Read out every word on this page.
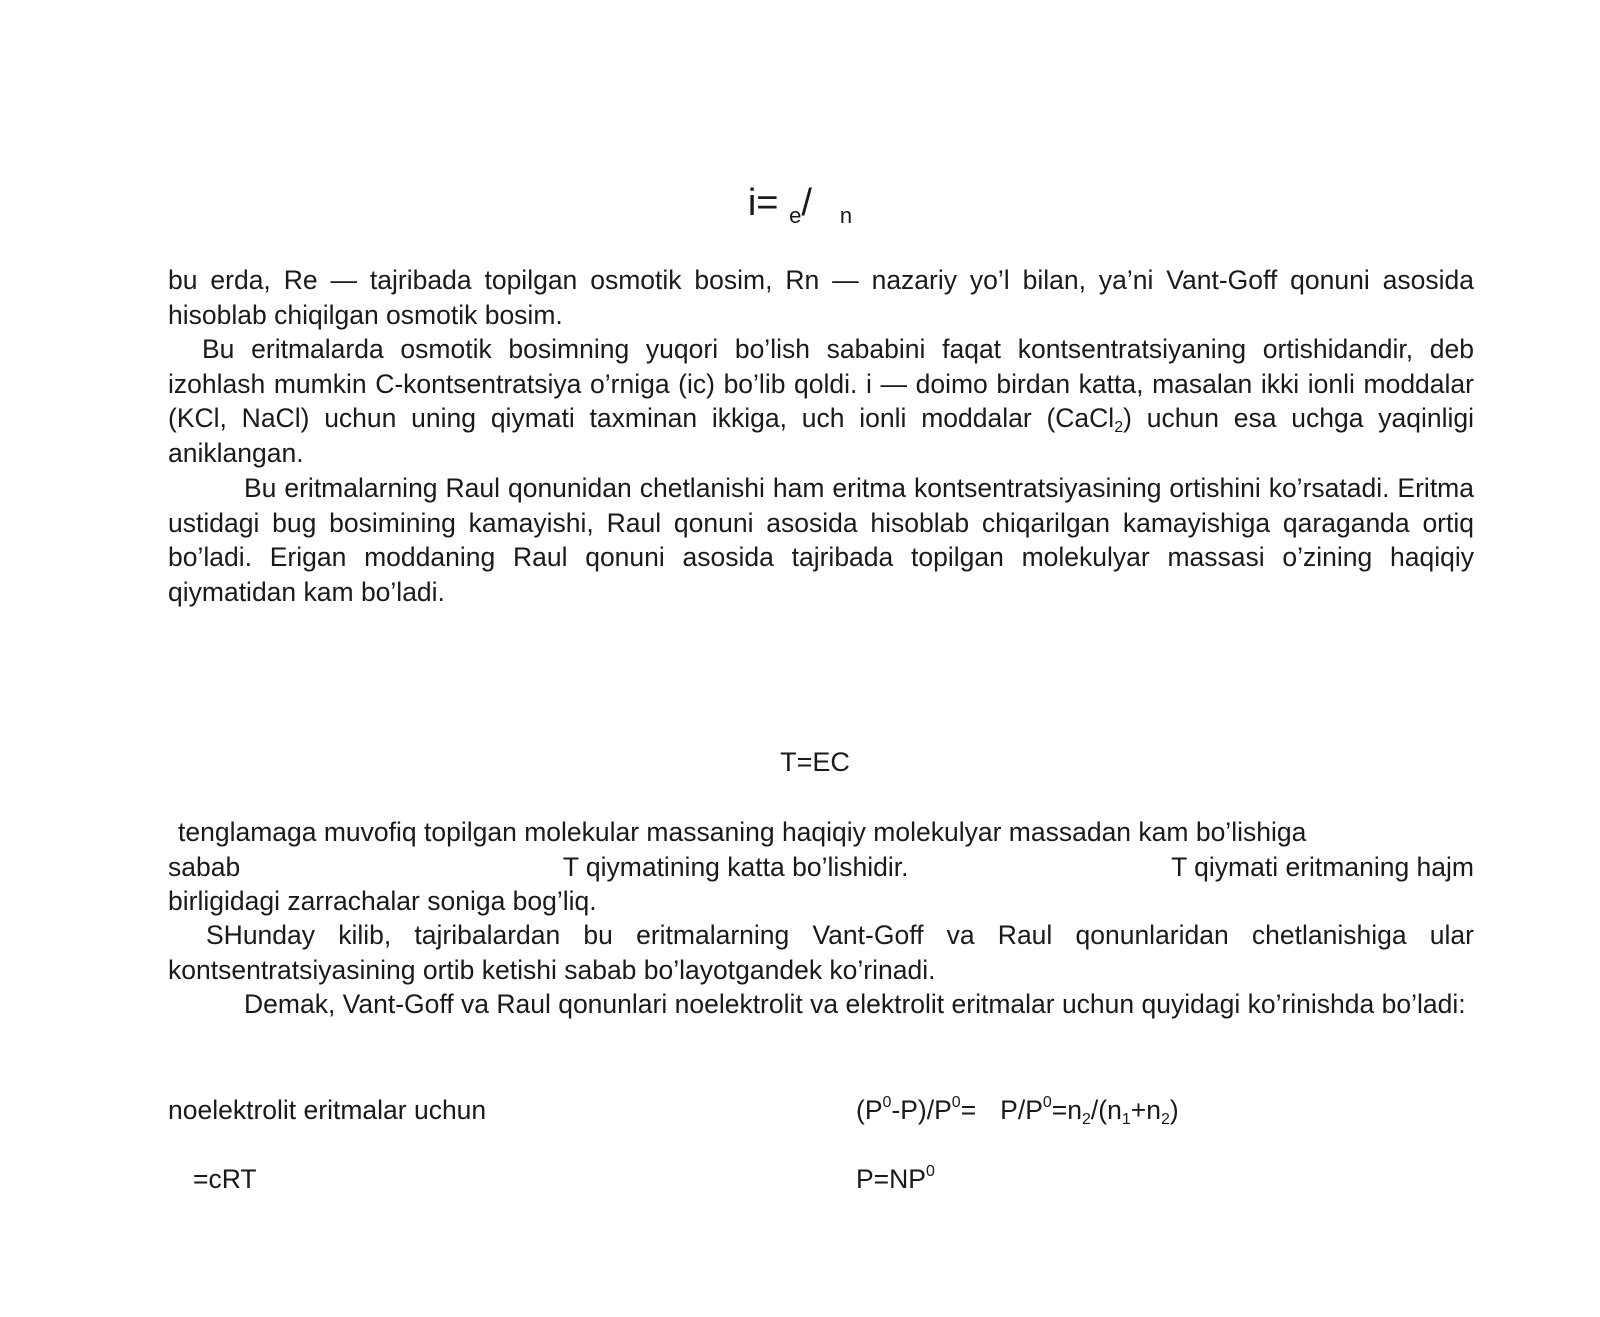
i= $_e$/ $_n$

bu erda, Re — tajribada topilgan osmotik bosim, Rn — nazariy yo’l bilan, ya’ni Vant-Goff qonuni asosida hisoblab chiqilgan osmotik bosim.

Bu eritmalarda osmotik bosimning yuqori bo’lish sababini faqat kontsentratsiyaning ortishidandir, deb izohlash mumkin C-kontsentratsiya o’rniga (ic) bo’lib qoldi. i — doimo birdan katta, masalan ikki ionli moddalar (KCl, NaCl) uchun uning qiymati taxminan ikkiga, uch ionli moddalar (CaCl$_2$) uchun esa uchga yaqinligi aniklangan.

Bu eritmalarning Raul qonunidan chetlanishi ham eritma kontsentratsiyasining ortishini ko’rsatadi. Eritma ustidagi bug bosimining kamayishi, Raul qonuni asosida hisoblab chiqarilgan kamayishiga qaraganda ortiq bo’ladi. Erigan moddaning Raul qonuni asosida tajribada topilgan molekulyar massasi o’zining haqiqiy qiymatidan kam bo’ladi.

T=EC
tenglamaga muvofiq topilgan molekular massaning haqiqiy molekulyar massadan kam bo’lishiga
sabab	T qiymatining katta bo’lishidir.	T qiymati eritmaning hajm
birligidagi zarrachalar soniga bog’liq.

SHunday kilib, tajribalardan bu eritmalarning Vant-Goff va Raul qonunlaridan chetlanishiga ular kontsentratsiyasining ortib ketishi sabab bo’layotgandek ko’rinadi.

Demak, Vant-Goff va Raul qonunlari noelektrolit va elektrolit eritmalar uchun quyidagi ko’rinishda bo’ladi:

noelektrolit eritmalar uchun	$(P^0-P)/P^0= P/P^0=n_2/(n_1+n_2)$
=cRT	$P=NP^0$
